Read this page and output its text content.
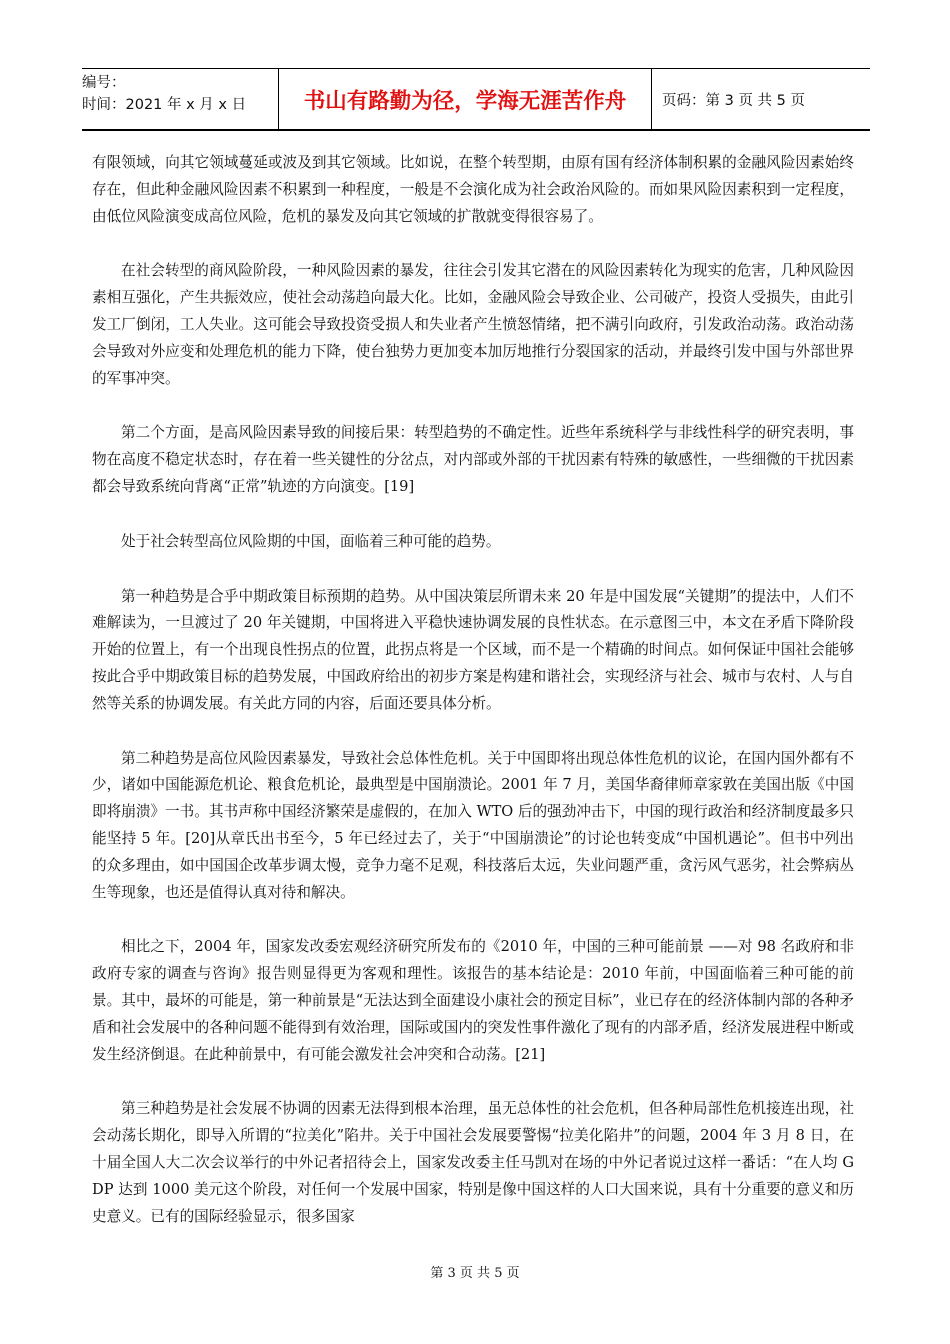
编号：
时间：2021 年 x 月 x 日	书山有路勤为径，学海无涯苦作舟	页码：第 3 页 共 5 页

有限领域，向其它领域蔓延或波及到其它领域。比如说，在整个转型期，由原有国有经济体制积累的金融风险因素始终存在，但此种金融风险因素不积累到一种程度，一般是不会演化成为社会政治风险的。而如果风险因素积到一定程度，由低位风险演变成高位风险，危机的暴发及向其它领域的扩散就变得很容易了。

在社会转型的商风险阶段，一种风险因素的暴发，往往会引发其它潜在的风险因素转化为现实的危害，几种风险因素相互强化，产生共振效应，使社会动荡趋向最大化。比如，金融风险会导致企业、公司破产，投资人受损失，由此引发工厂倒闭，工人失业。这可能会导致投资受损人和失业者产生愤怒情绪，把不满引向政府，引发政治动荡。政治动荡会导致对外应变和处理危机的能力下降，使台独势力更加变本加厉地推行分裂国家的活动，并最终引发中国与外部世界的军事冲突。

第二个方面，是高风险因素导致的间接后果：转型趋势的不确定性。近些年系统科学与非线性科学的研究表明，事物在高度不稳定状态时，存在着一些关键性的分岔点，对内部或外部的干扰因素有特殊的敏感性，一些细微的干扰因素都会导致系统向背离“正常”轨迹的方向演变。[19]

处于社会转型高位风险期的中国，面临着三种可能的趋势。

第一种趋势是合乎中期政策目标预期的趋势。从中国决策层所谓未来 20 年是中国发展“关键期”的提法中，人们不难解读为，一旦渡过了 20 年关键期，中国将进入平稳快速协调发展的良性状态。在示意图三中，本文在矛盾下降阶段开始的位置上，有一个出现良性拐点的位置，此拐点将是一个区域，而不是一个精确的时间点。如何保证中国社会能够按此合乎中期政策目标的趋势发展，中国政府给出的初步方案是构建和谐社会，实现经济与社会、城市与农村、人与自然等关系的协调发展。有关此方同的内容，后面还要具体分析。

第二种趋势是高位风险因素暴发，导致社会总体性危机。关于中国即将出现总体性危机的议论，在国内国外都有不少，诸如中国能源危机论、粮食危机论，最典型是中国崩溃论。2001 年 7 月，美国华裔律师章家敦在美国出版《中国即将崩溃》一书。其书声称中国经济繁荣是虚假的，在加入 WTO 后的强劲冲击下，中国的现行政治和经济制度最多只能坚持 5 年。[20]从章氏出书至今，5 年已经过去了，关于“中国崩溃论”的讨论也转变成“中国机遇论”。但书中列出的众多理由，如中国国企改革步调太慢，竞争力毫不足观，科技落后太远，失业问题严重，贪污风气恶劣，社会弊病丛生等现象，也还是值得认真对待和解决。

相比之下，2004 年，国家发改委宏观经济研究所发布的《2010 年，中国的三种可能前景 ——对 98 名政府和非政府专家的调查与咨询》报告则显得更为客观和理性。该报告的基本结论是：2010 年前，中国面临着三种可能的前景。其中，最坏的可能是，第一种前景是“无法达到全面建设小康社会的预定目标”，业已存在的经济体制内部的各种矛盾和社会发展中的各种问题不能得到有效治理，国际或国内的突发性事件激化了现有的内部矛盾，经济发展进程中断或发生经济倒退。在此种前景中，有可能会激发社会冲突和合动荡。[21]

第三种趋势是社会发展不协调的因素无法得到根本治理，虽无总体性的社会危机，但各种局部性危机接连出现，社会动荡长期化，即导入所谓的“拉美化”陷井。关于中国社会发展要警惕“拉美化陷井”的问题，2004 年 3 月 8 日，在十届全国人大二次会议举行的中外记者招待会上，国家发改委主任马凯对在场的中外记者说过这样一番话：“在人均 GDP 达到 1000 美元这个阶段，对任何一个发展中国家，特别是像中国这样的人口大国来说，具有十分重要的意义和历史意义。已有的国际经验显示，很多国家

第 3 页 共 5 页
